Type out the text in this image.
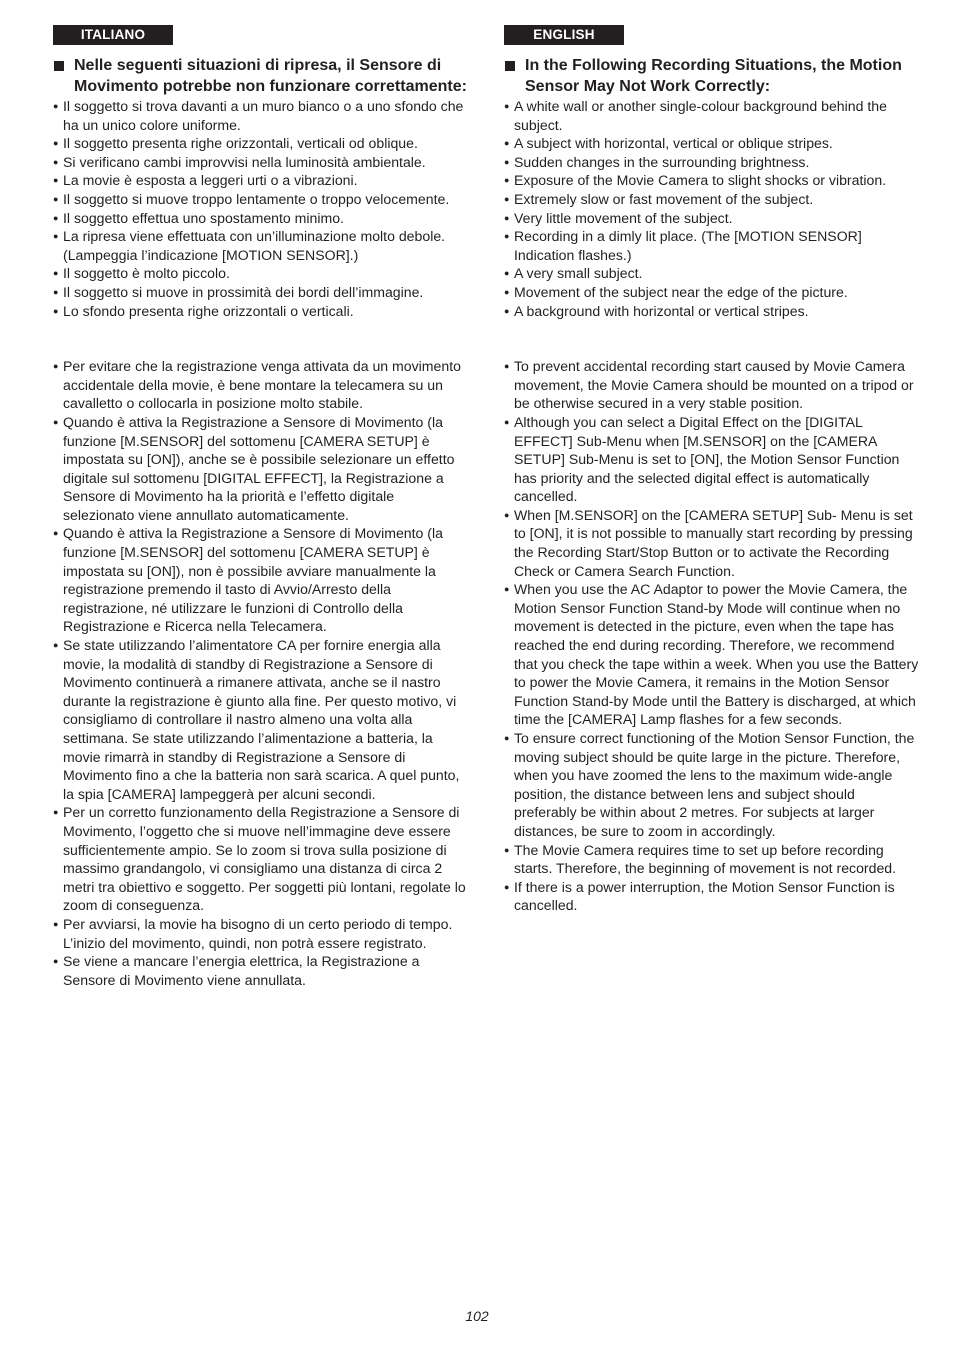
ITALIANO
Nelle seguenti situazioni di ripresa, il Sensore di Movimento potrebbe non funzionare correttamente:
● Il soggetto si trova davanti a un muro bianco o a uno sfondo che ha un unico colore uniforme.
● Il soggetto presenta righe orizzontali, verticali od oblique.
● Si verificano cambi improvvisi nella luminosità ambientale.
● La movie è esposta a leggeri urti o a vibrazioni.
● Il soggetto si muove troppo lentamente o troppo velocemente.
● Il soggetto effettua uno spostamento minimo.
● La ripresa viene effettuata con un’illuminazione molto debole. (Lampeggia l’indicazione [MOTION SENSOR].)
● Il soggetto è molto piccolo.
● Il soggetto si muove in prossimità dei bordi dell’immagine.
● Lo sfondo presenta righe orizzontali o verticali.
● Per evitare che la registrazione venga attivata da un movimento accidentale della movie, è bene montare la telecamera su un cavalletto o collocarla in posizione molto stabile.
● Quando è attiva la Registrazione a Sensore di Movimento (la funzione [M.SENSOR] del sottomenu [CAMERA SETUP] è impostata su [ON]), anche se è possibile selezionare un effetto digitale sul sottomenu [DIGITAL EFFECT], la Registrazione a Sensore di Movimento ha la priorità e l’effetto digitale selezionato viene annullato automaticamente.
● Quando è attiva la Registrazione a Sensore di Movimento (la funzione [M.SENSOR] del sottomenu [CAMERA SETUP] è impostata su [ON]), non è possibile avviare manualmente la registrazione premendo il tasto di Avvio/Arresto della registrazione, né utilizzare le funzioni di Controllo della Registrazione e Ricerca nella Telecamera.
● Se state utilizzando l’alimentatore CA per fornire energia alla movie, la modalità di standby di Registrazione a Sensore di Movimento continuerà a rimanere attivata, anche se il nastro durante la registrazione è giunto alla fine. Per questo motivo, vi consigliamo di controllare il nastro almeno una volta alla settimana. Se state utilizzando l’alimentazione a batteria, la movie rimarrà in standby di Registrazione a Sensore di Movimento fino a che la batteria non sarà scarica. A quel punto, la spia [CAMERA] lampeggerà per alcuni secondi.
● Per un corretto funzionamento della Registrazione a Sensore di Movimento, l’oggetto che si muove nell’immagine deve essere sufficientemente ampio. Se lo zoom si trova sulla posizione di massimo grandangolo, vi consigliamo una distanza di circa 2 metri tra obiettivo e soggetto. Per soggetti più lontani, regolate lo zoom di conseguenza.
● Per avviarsi, la movie ha bisogno di un certo periodo di tempo. L’inizio del movimento, quindi, non potrà essere registrato.
● Se viene a mancare l’energia elettrica, la Registrazione a Sensore di Movimento viene annullata.
ENGLISH
In the Following Recording Situations, the Motion Sensor May Not Work Correctly:
● A white wall or another single-colour background behind the subject.
● A subject with horizontal, vertical or oblique stripes.
● Sudden changes in the surrounding brightness.
● Exposure of the Movie Camera to slight shocks or vibration.
● Extremely slow or fast movement of the subject.
● Very little movement of the subject.
● Recording in a dimly lit place. (The [MOTION SENSOR] Indication flashes.)
● A very small subject.
● Movement of the subject near the edge of the picture.
● A background with horizontal or vertical stripes.
● To prevent accidental recording start caused by Movie Camera movement, the Movie Camera should be mounted on a tripod or be otherwise secured in a very stable position.
● Although you can select a Digital Effect on the [DIGITAL EFFECT] Sub-Menu when [M.SENSOR] on the [CAMERA SETUP] Sub-Menu is set to [ON], the Motion Sensor Function has priority and the selected digital effect is automatically cancelled.
● When [M.SENSOR] on the [CAMERA SETUP] Sub- Menu is set to [ON], it is not possible to manually start recording by pressing the Recording Start/Stop Button or to activate the Recording Check or Camera Search Function.
● When you use the AC Adaptor to power the Movie Camera, the Motion Sensor Function Stand-by Mode will continue when no movement is detected in the picture, even when the tape has reached the end during recording. Therefore, we recommend that you check the tape within a week. When you use the Battery to power the Movie Camera, it remains in the Motion Sensor Function Stand-by Mode until the Battery is discharged, at which time the [CAMERA] Lamp flashes for a few seconds.
● To ensure correct functioning of the Motion Sensor Function, the moving subject should be quite large in the picture. Therefore, when you have zoomed the lens to the maximum wide-angle position, the distance between lens and subject should preferably be within about 2 metres. For subjects at larger distances, be sure to zoom in accordingly.
● The Movie Camera requires time to set up before recording starts. Therefore, the beginning of movement is not recorded.
● If there is a power interruption, the Motion Sensor Function is cancelled.
102
